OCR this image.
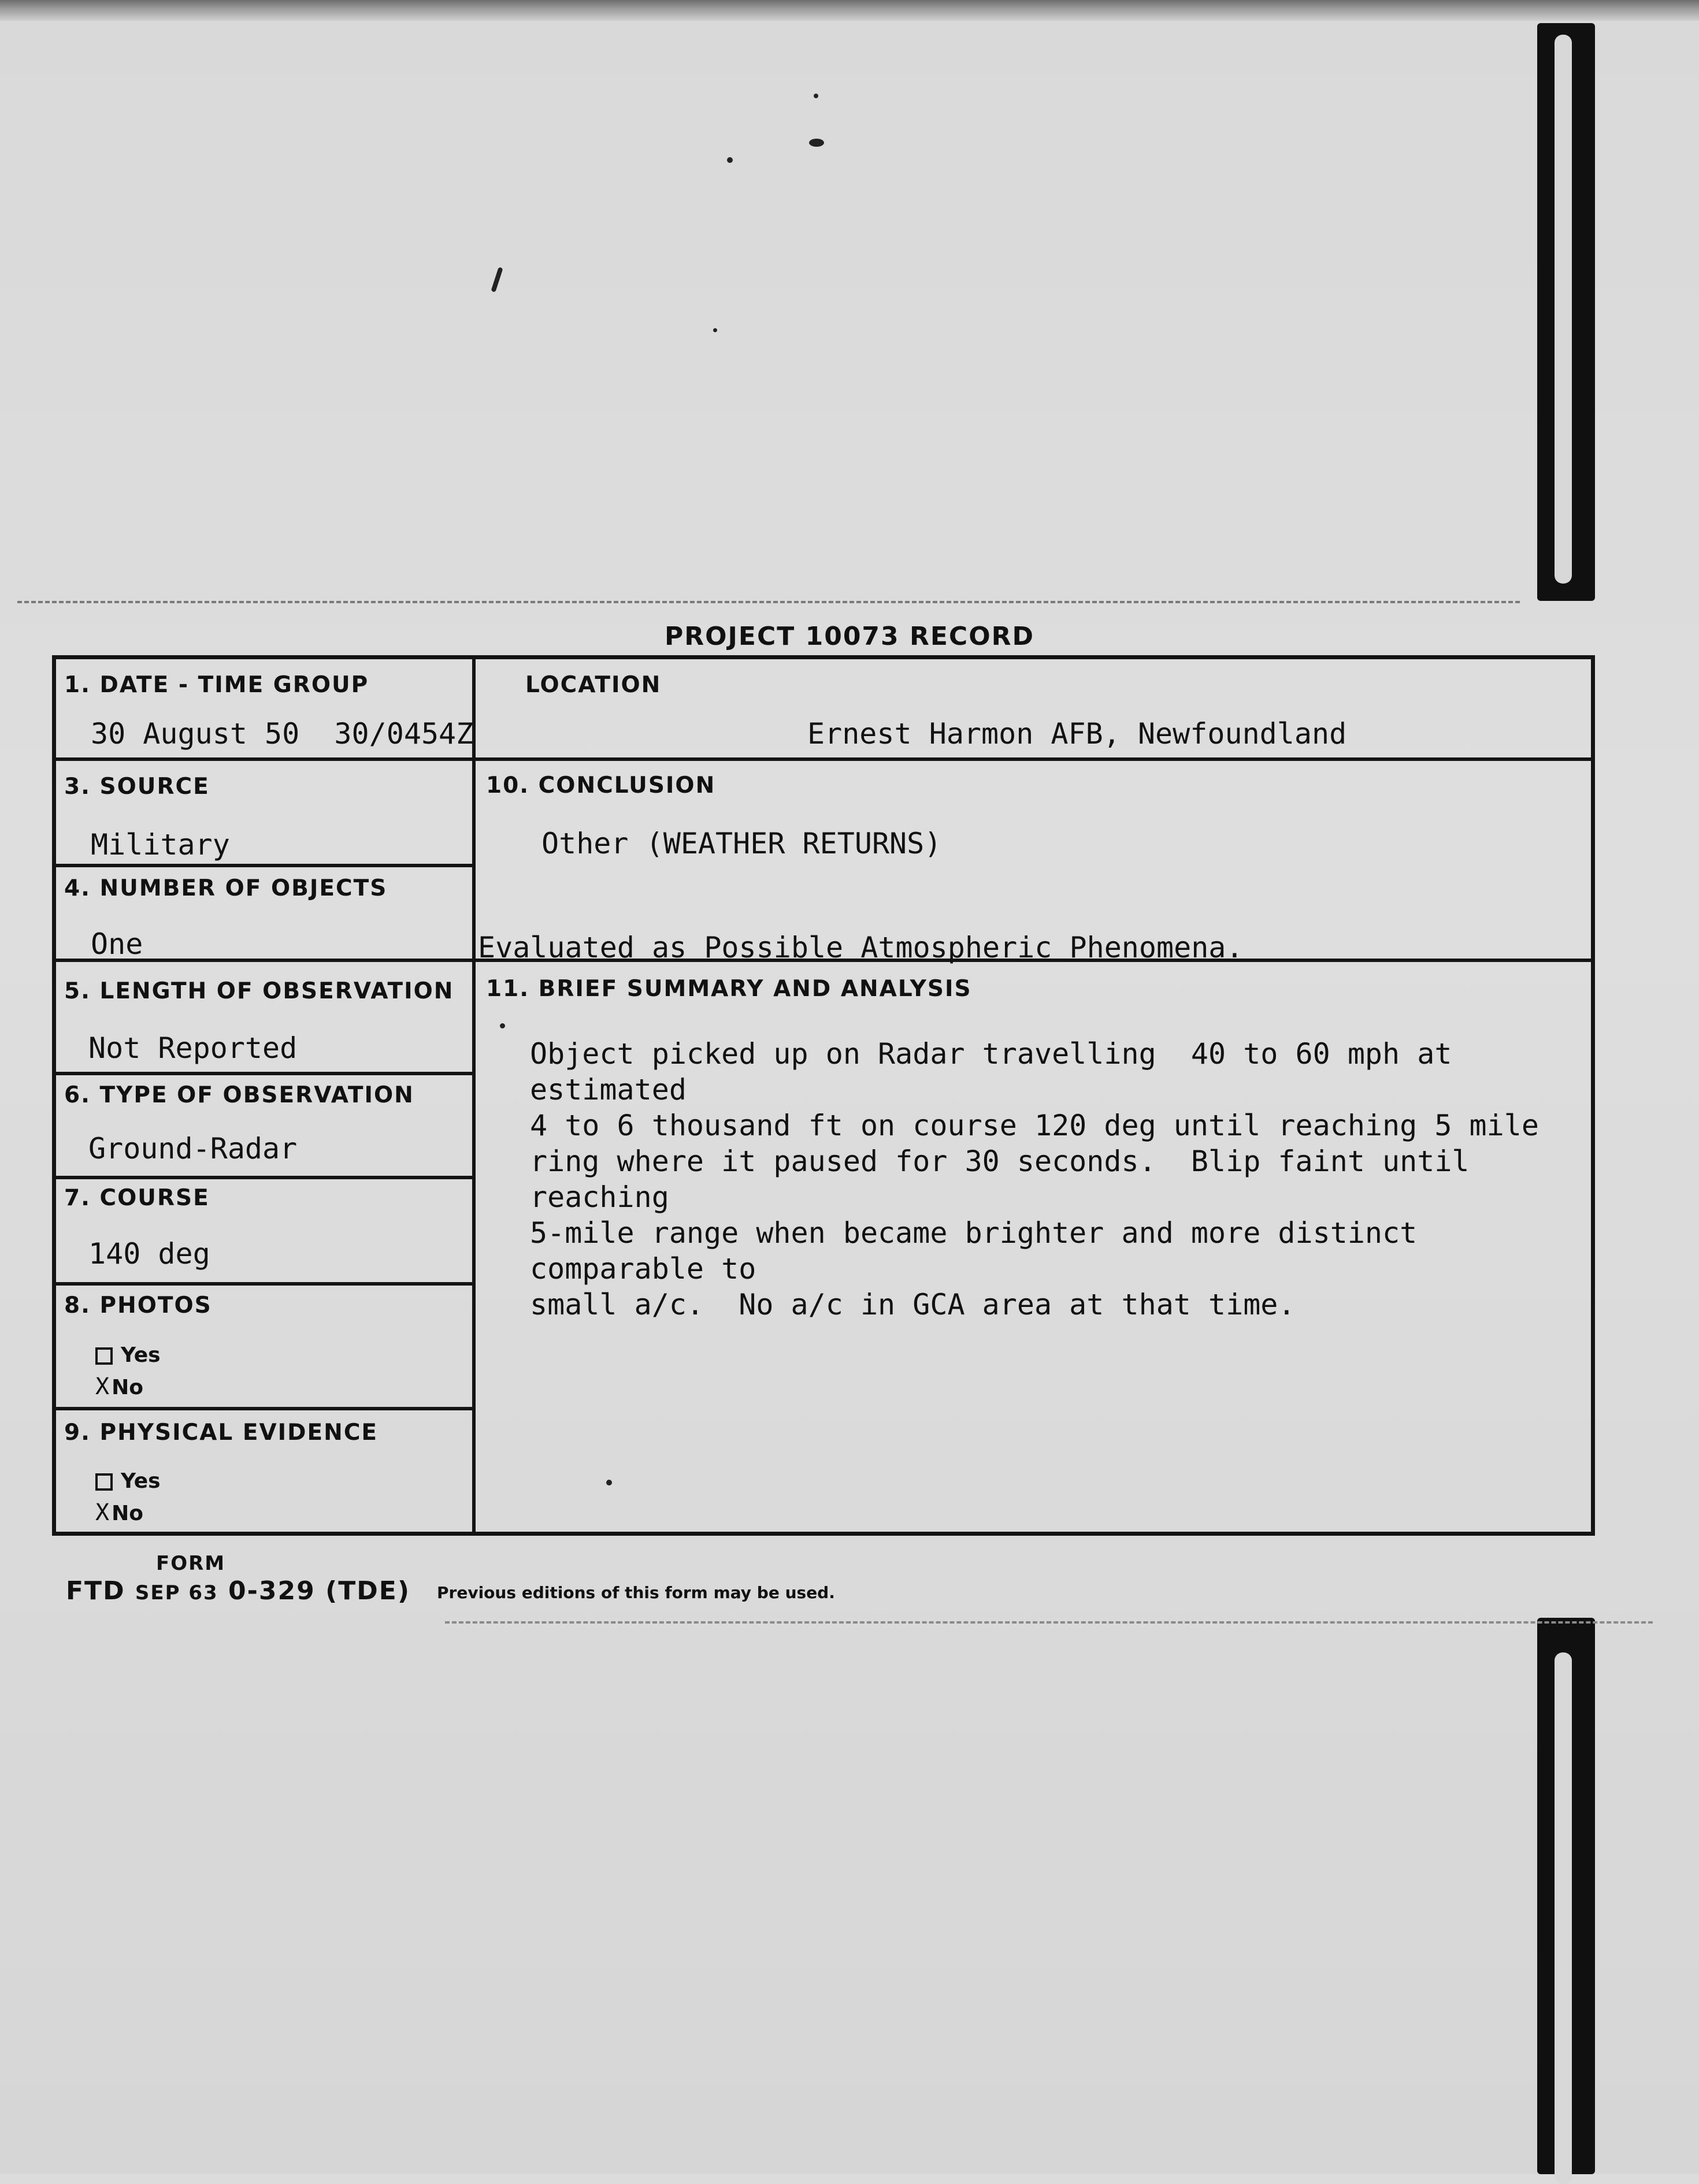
PROJECT 10073 RECORD
1. DATE - TIME GROUP
30 August 50  30/0454Z
LOCATION
Ernest Harmon AFB, Newfoundland
3. SOURCE
Military
10. CONCLUSION
Other (WEATHER RETURNS)
Evaluated as Possible Atmospheric Phenomena.
4. NUMBER OF OBJECTS
One
5. LENGTH OF OBSERVATION
Not Reported
11. BRIEF SUMMARY AND ANALYSIS
Object picked up on Radar travelling  40 to 60 mph at estimated
4 to 6 thousand ft on course 120 deg until reaching 5 mile
ring where it paused for 30 seconds.  Blip faint until reaching
5-mile range when became brighter and more distinct comparable to
small a/c.  No a/c in GCA area at that time.
6. TYPE OF OBSERVATION
Ground-Radar
7. COURSE
140 deg
8. PHOTOS
Yes
X No
9. PHYSICAL EVIDENCE
Yes
X No
FORM
FTD SEP 63 0-329 (TDE) Previous editions of this form may be used.
